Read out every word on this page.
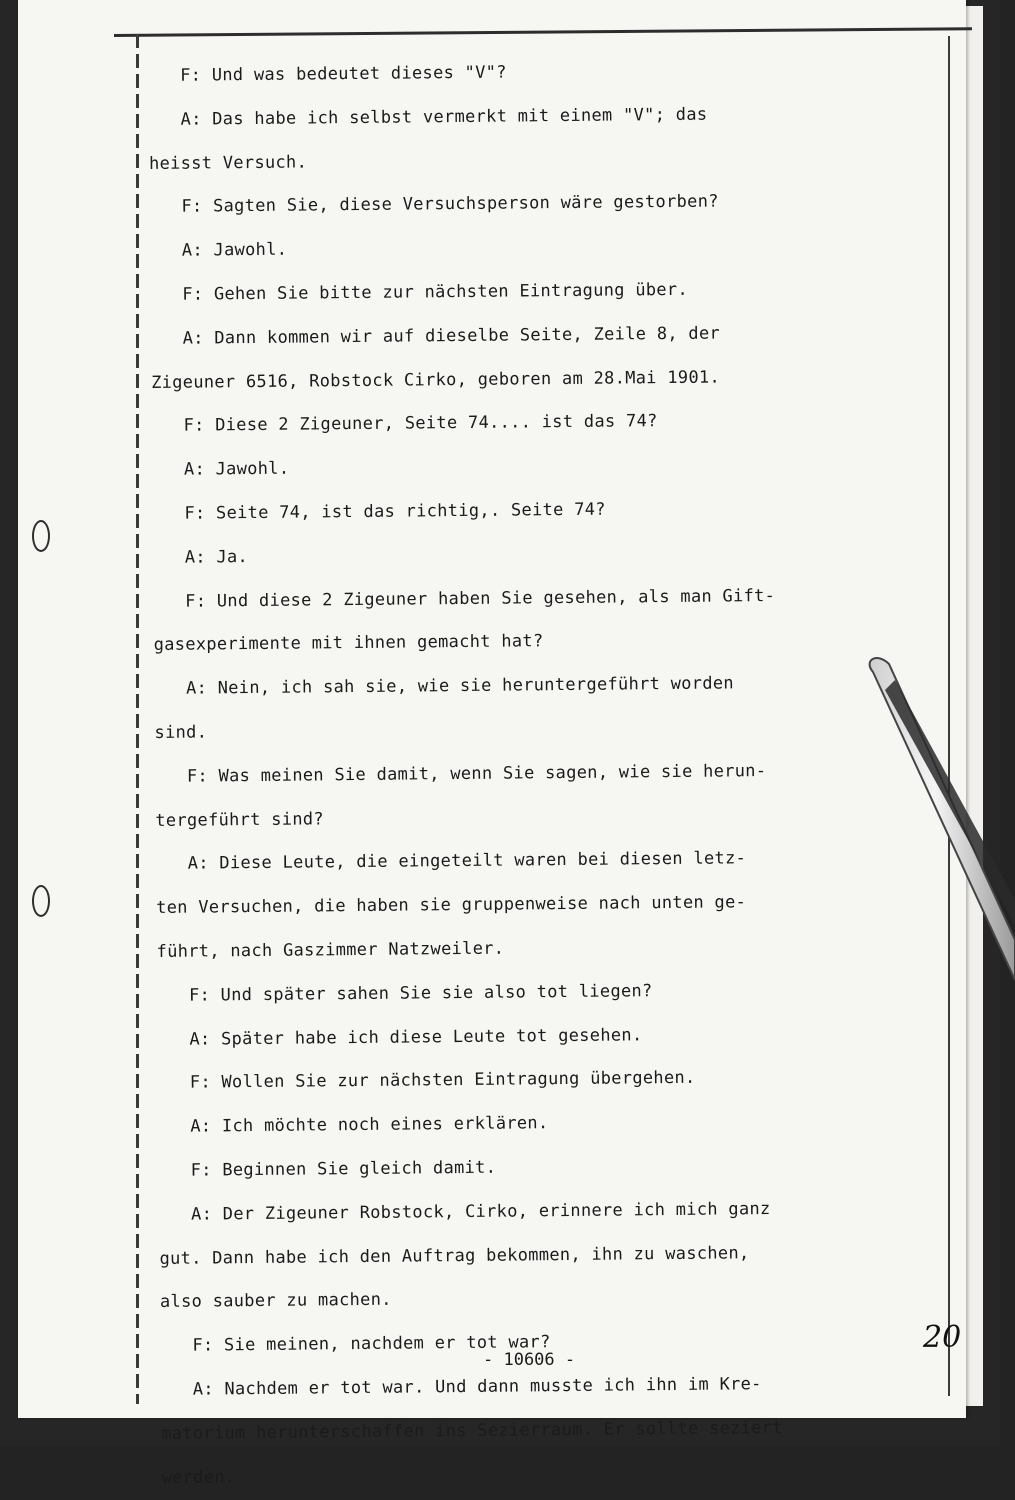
F: Und was bedeutet dieses "V"?
A: Das habe ich selbst vermerkt mit einem "V"; das
heisst Versuch.
F: Sagten Sie, diese Versuchsperson wäre gestorben?
A: Jawohl.
F: Gehen Sie bitte zur nächsten Eintragung über.
A: Dann kommen wir auf dieselbe Seite, Zeile 8, der
Zigeuner 6516, Robstock Cirko, geboren am 28.Mai 1901.
F: Diese 2 Zigeuner, Seite 74.... ist das 74?
A: Jawohl.
F: Seite 74, ist das richtig,. Seite 74?
A: Ja.
F: Und diese 2 Zigeuner haben Sie gesehen, als man Gift-
gasexperimente mit ihnen gemacht hat?
A: Nein, ich sah sie, wie sie heruntergeführt worden
sind.
F: Was meinen Sie damit, wenn Sie sagen, wie sie herun-
tergeführt sind?
A: Diese Leute, die eingeteilt waren bei diesen letz-
ten Versuchen, die haben sie gruppenweise nach unten ge-
führt, nach Gaszimmer Natzweiler.
F: Und später sahen Sie sie also tot liegen?
A: Später habe ich diese Leute tot gesehen.
F: Wollen Sie zur nächsten Eintragung übergehen.
A: Ich möchte noch eines erklären.
F: Beginnen Sie gleich damit.
A: Der Zigeuner Robstock, Cirko, erinnere ich mich ganz
gut. Dann habe ich den Auftrag bekommen, ihn zu waschen,
also sauber zu machen.
F: Sie meinen, nachdem er tot war?
A: Nachdem er tot war. Und dann musste ich ihn im Kre-
matorium herunterschaffen ins Sezierraum. Er sollte seziert
werden.
- 10606 -
20
